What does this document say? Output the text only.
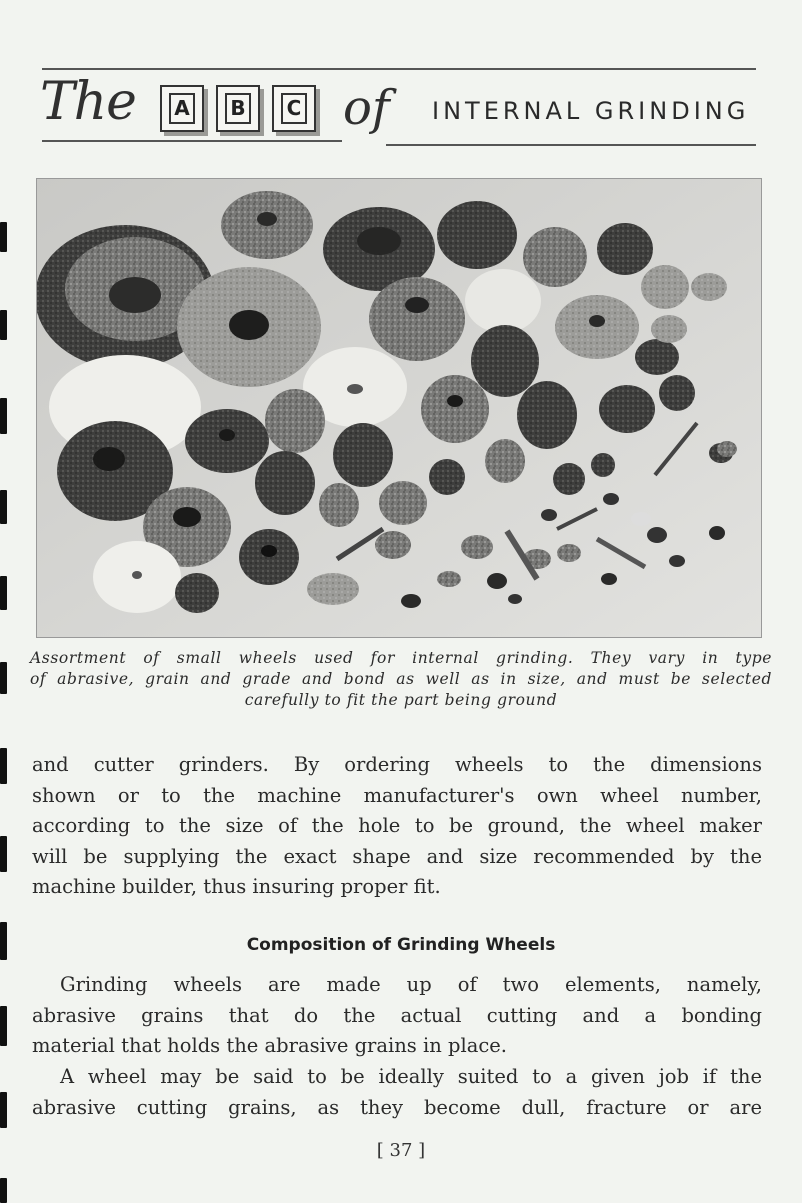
The A B C of INTERNAL GRINDING
Assortment of small wheels used for internal grinding. They vary in type
of abrasive, grain and grade and bond as well as in size, and must be selected
carefully to fit the part being ground
and cutter grinders. By ordering wheels to the dimensions
shown or to the machine manufacturer's own wheel number,
according to the size of the hole to be ground, the wheel maker
will be supplying the exact shape and size recommended by the
machine builder, thus insuring proper fit.
Composition of Grinding Wheels
Grinding wheels are made up of two elements, namely,
abrasive grains that do the actual cutting and a bonding
material that holds the abrasive grains in place.
A wheel may be said to be ideally suited to a given job if the
abrasive cutting grains, as they become dull, fracture or are
[ 37 ]
